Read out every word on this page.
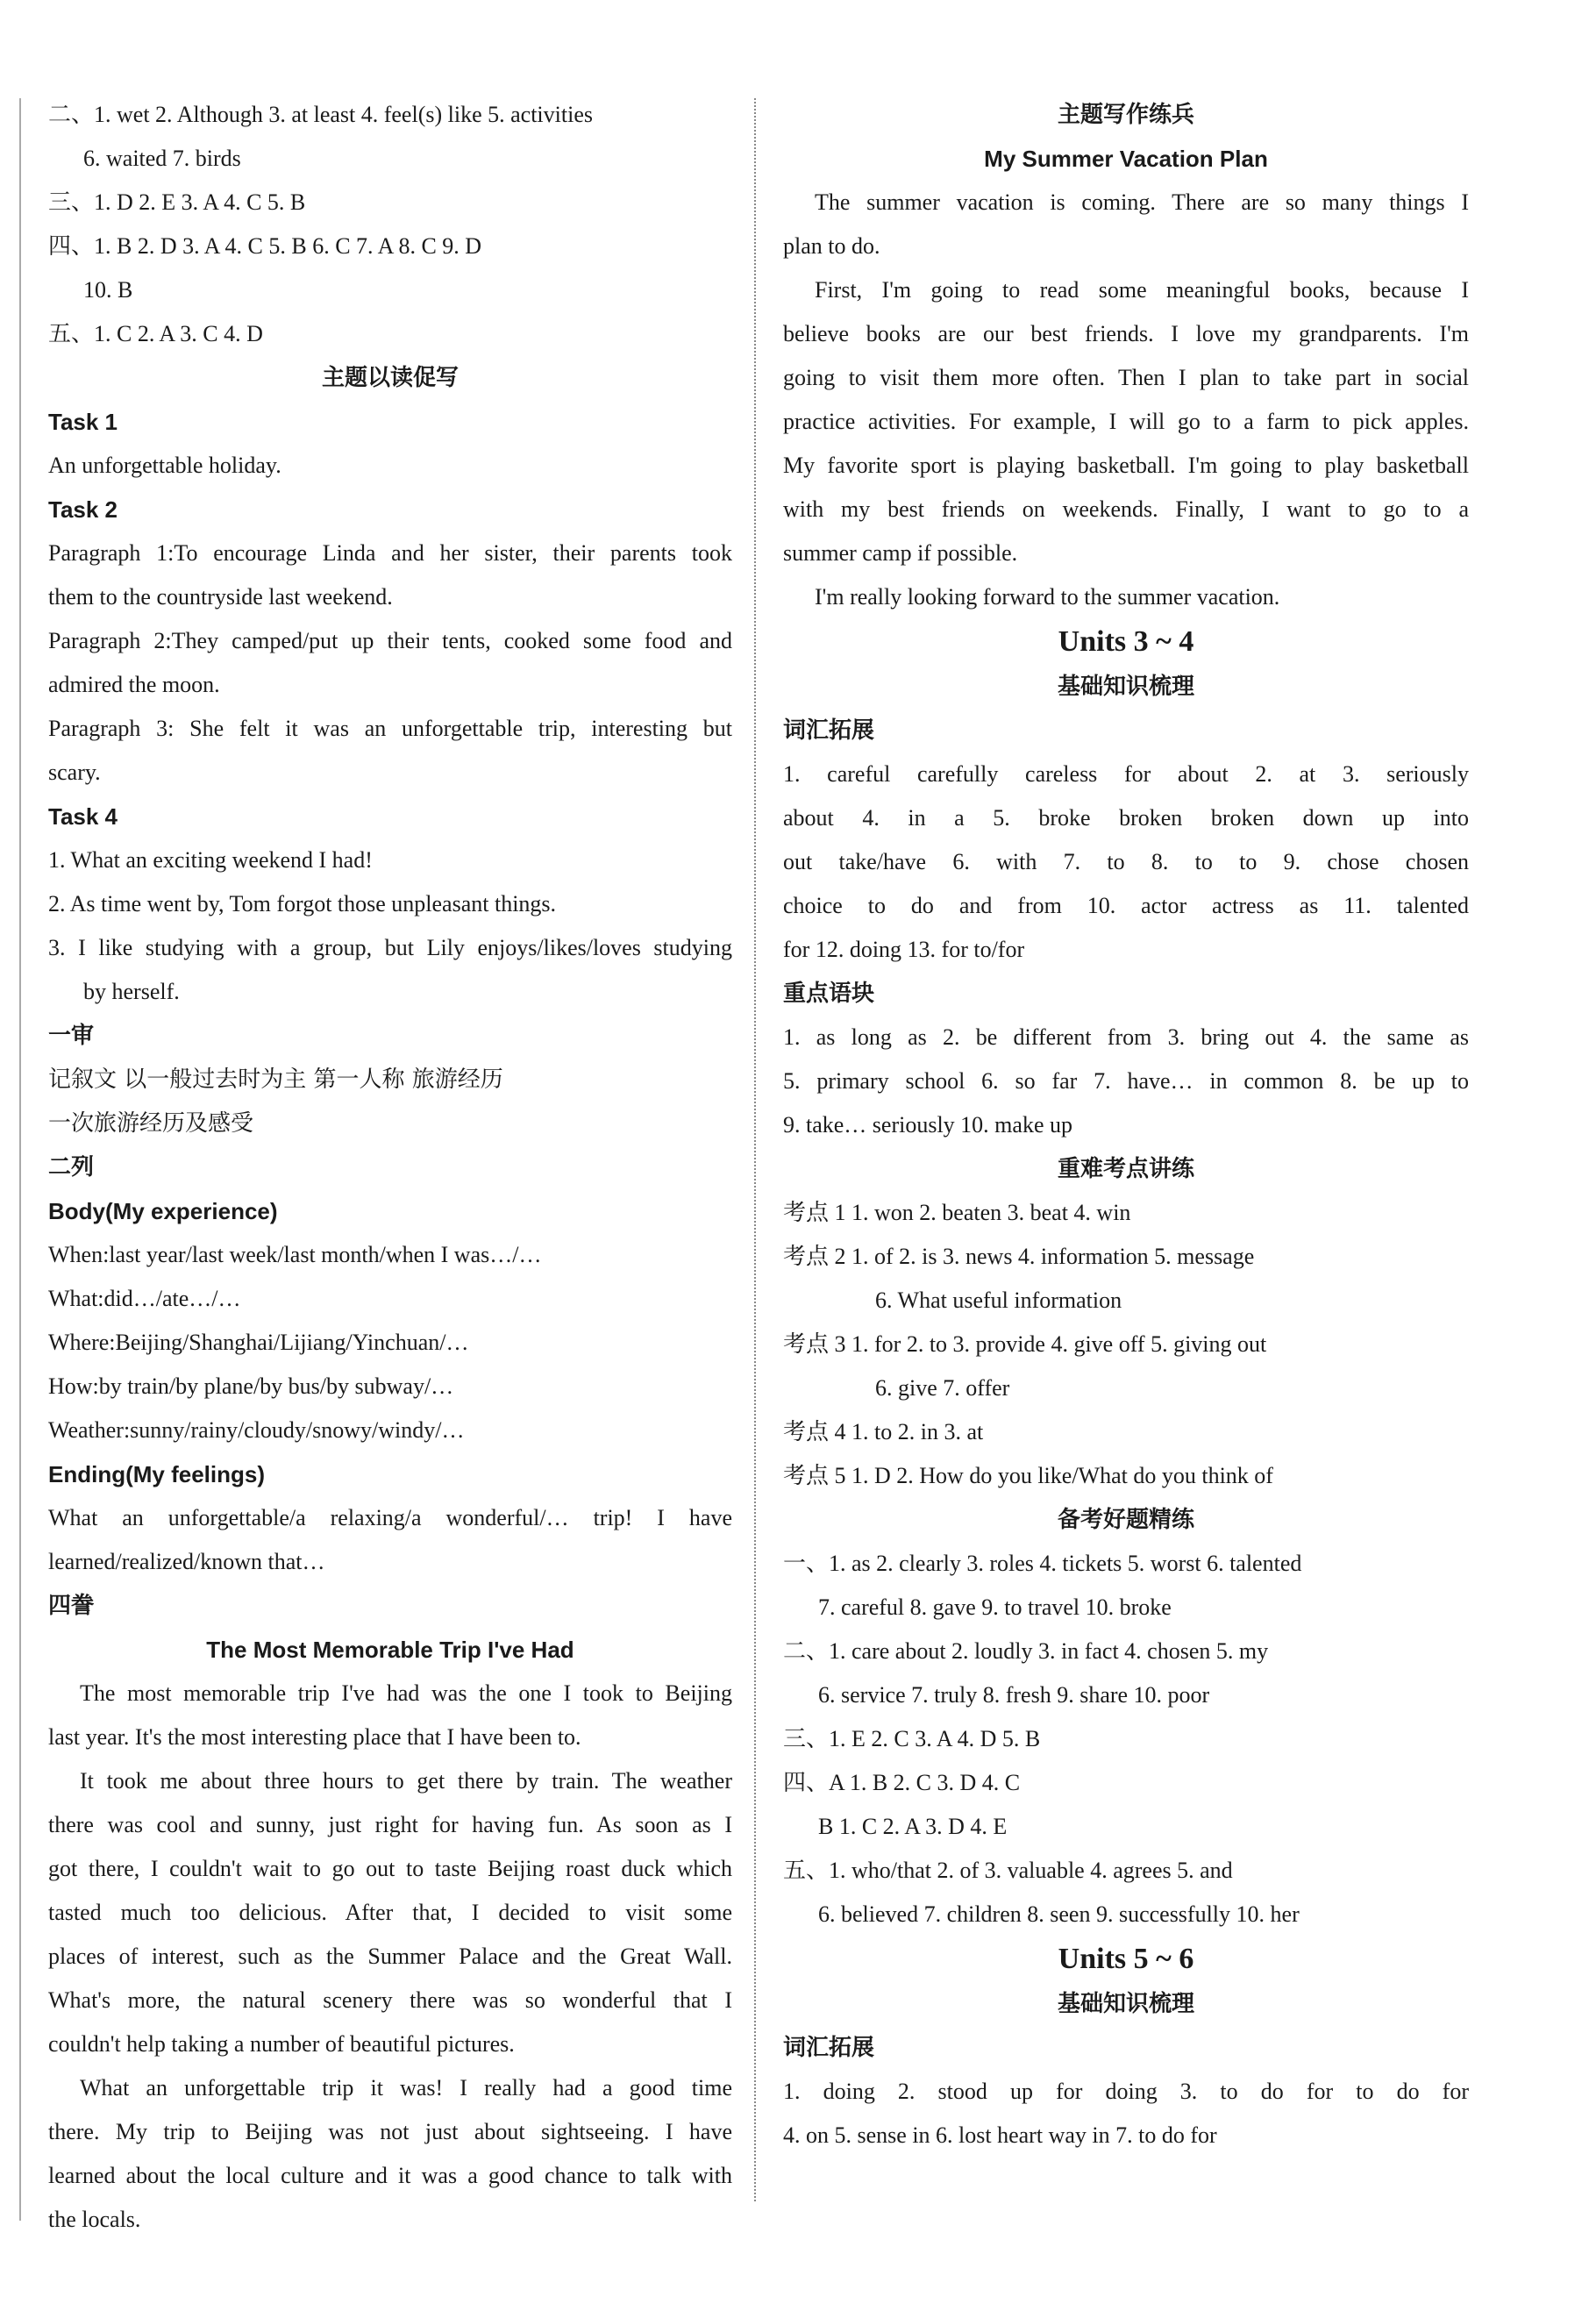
二、1. wet 2. Although 3. at least 4. feel(s) like 5. activities
6. waited 7. birds
三、1. D 2. E 3. A 4. C 5. B
四、1. B 2. D 3. A 4. C 5. B 6. C 7. A 8. C 9. D
10. B
五、1. C 2. A 3. C 4. D
主题以读促写
Task 1
An unforgettable holiday.
Task 2
Paragraph 1:To encourage Linda and her sister, their parents took
them to the countryside last weekend.
Paragraph 2:They camped/put up their tents, cooked some food and
admired the moon.
Paragraph 3: She felt it was an unforgettable trip, interesting but
scary.
Task 4
1. What an exciting weekend I had!
2. As time went by, Tom forgot those unpleasant things.
3. I like studying with a group, but Lily enjoys/likes/loves studying
by herself.
一审
记叙文 以一般过去时为主 第一人称 旅游经历
一次旅游经历及感受
二列
Body(My experience)
When:last year/last week/last month/when I was…/…
What:did…/ate…/…
Where:Beijing/Shanghai/Lijiang/Yinchuan/…
How:by train/by plane/by bus/by subway/…
Weather:sunny/rainy/cloudy/snowy/windy/…
Ending(My feelings)
What an unforgettable/a relaxing/a wonderful/… trip! I have
learned/realized/known that…
四誊
The Most Memorable Trip I've Had
The most memorable trip I've had was the one I took to Beijing
last year. It's the most interesting place that I have been to.
It took me about three hours to get there by train. The weather
there was cool and sunny, just right for having fun. As soon as I
got there, I couldn't wait to go out to taste Beijing roast duck which
tasted much too delicious. After that, I decided to visit some
places of interest, such as the Summer Palace and the Great Wall.
What's more, the natural scenery there was so wonderful that I
couldn't help taking a number of beautiful pictures.
What an unforgettable trip it was! I really had a good time
there. My trip to Beijing was not just about sightseeing. I have
learned about the local culture and it was a good chance to talk with
the locals.
主题写作练兵
My Summer Vacation Plan
The summer vacation is coming. There are so many things I
plan to do.
First, I'm going to read some meaningful books, because I
believe books are our best friends. I love my grandparents. I'm
going to visit them more often. Then I plan to take part in social
practice activities. For example, I will go to a farm to pick apples.
My favorite sport is playing basketball. I'm going to play basketball
with my best friends on weekends. Finally, I want to go to a
summer camp if possible.
I'm really looking forward to the summer vacation.
Units 3 ~ 4
基础知识梳理
词汇拓展
1. careful carefully careless for about 2. at 3. seriously
about 4. in a 5. broke broken broken down up into
out take/have 6. with 7. to 8. to to 9. chose chosen
choice to do and from 10. actor actress as 11. talented
for 12. doing 13. for to/for
重点语块
1. as long as 2. be different from 3. bring out 4. the same as
5. primary school 6. so far 7. have… in common 8. be up to
9. take… seriously 10. make up
重难考点讲练
考点 1 1. won 2. beaten 3. beat 4. win
考点 2 1. of 2. is 3. news 4. information 5. message
6. What useful information
考点 3 1. for 2. to 3. provide 4. give off 5. giving out
6. give 7. offer
考点 4 1. to 2. in 3. at
考点 5 1. D 2. How do you like/What do you think of
备考好题精练
一、1. as 2. clearly 3. roles 4. tickets 5. worst 6. talented
7. careful 8. gave 9. to travel 10. broke
二、1. care about 2. loudly 3. in fact 4. chosen 5. my
6. service 7. truly 8. fresh 9. share 10. poor
三、1. E 2. C 3. A 4. D 5. B
四、A 1. B 2. C 3. D 4. C
B 1. C 2. A 3. D 4. E
五、1. who/that 2. of 3. valuable 4. agrees 5. and
6. believed 7. children 8. seen 9. successfully 10. her
Units 5 ~ 6
基础知识梳理
词汇拓展
1. doing 2. stood up for doing 3. to do for to do for
4. on 5. sense in 6. lost heart way in 7. to do for
